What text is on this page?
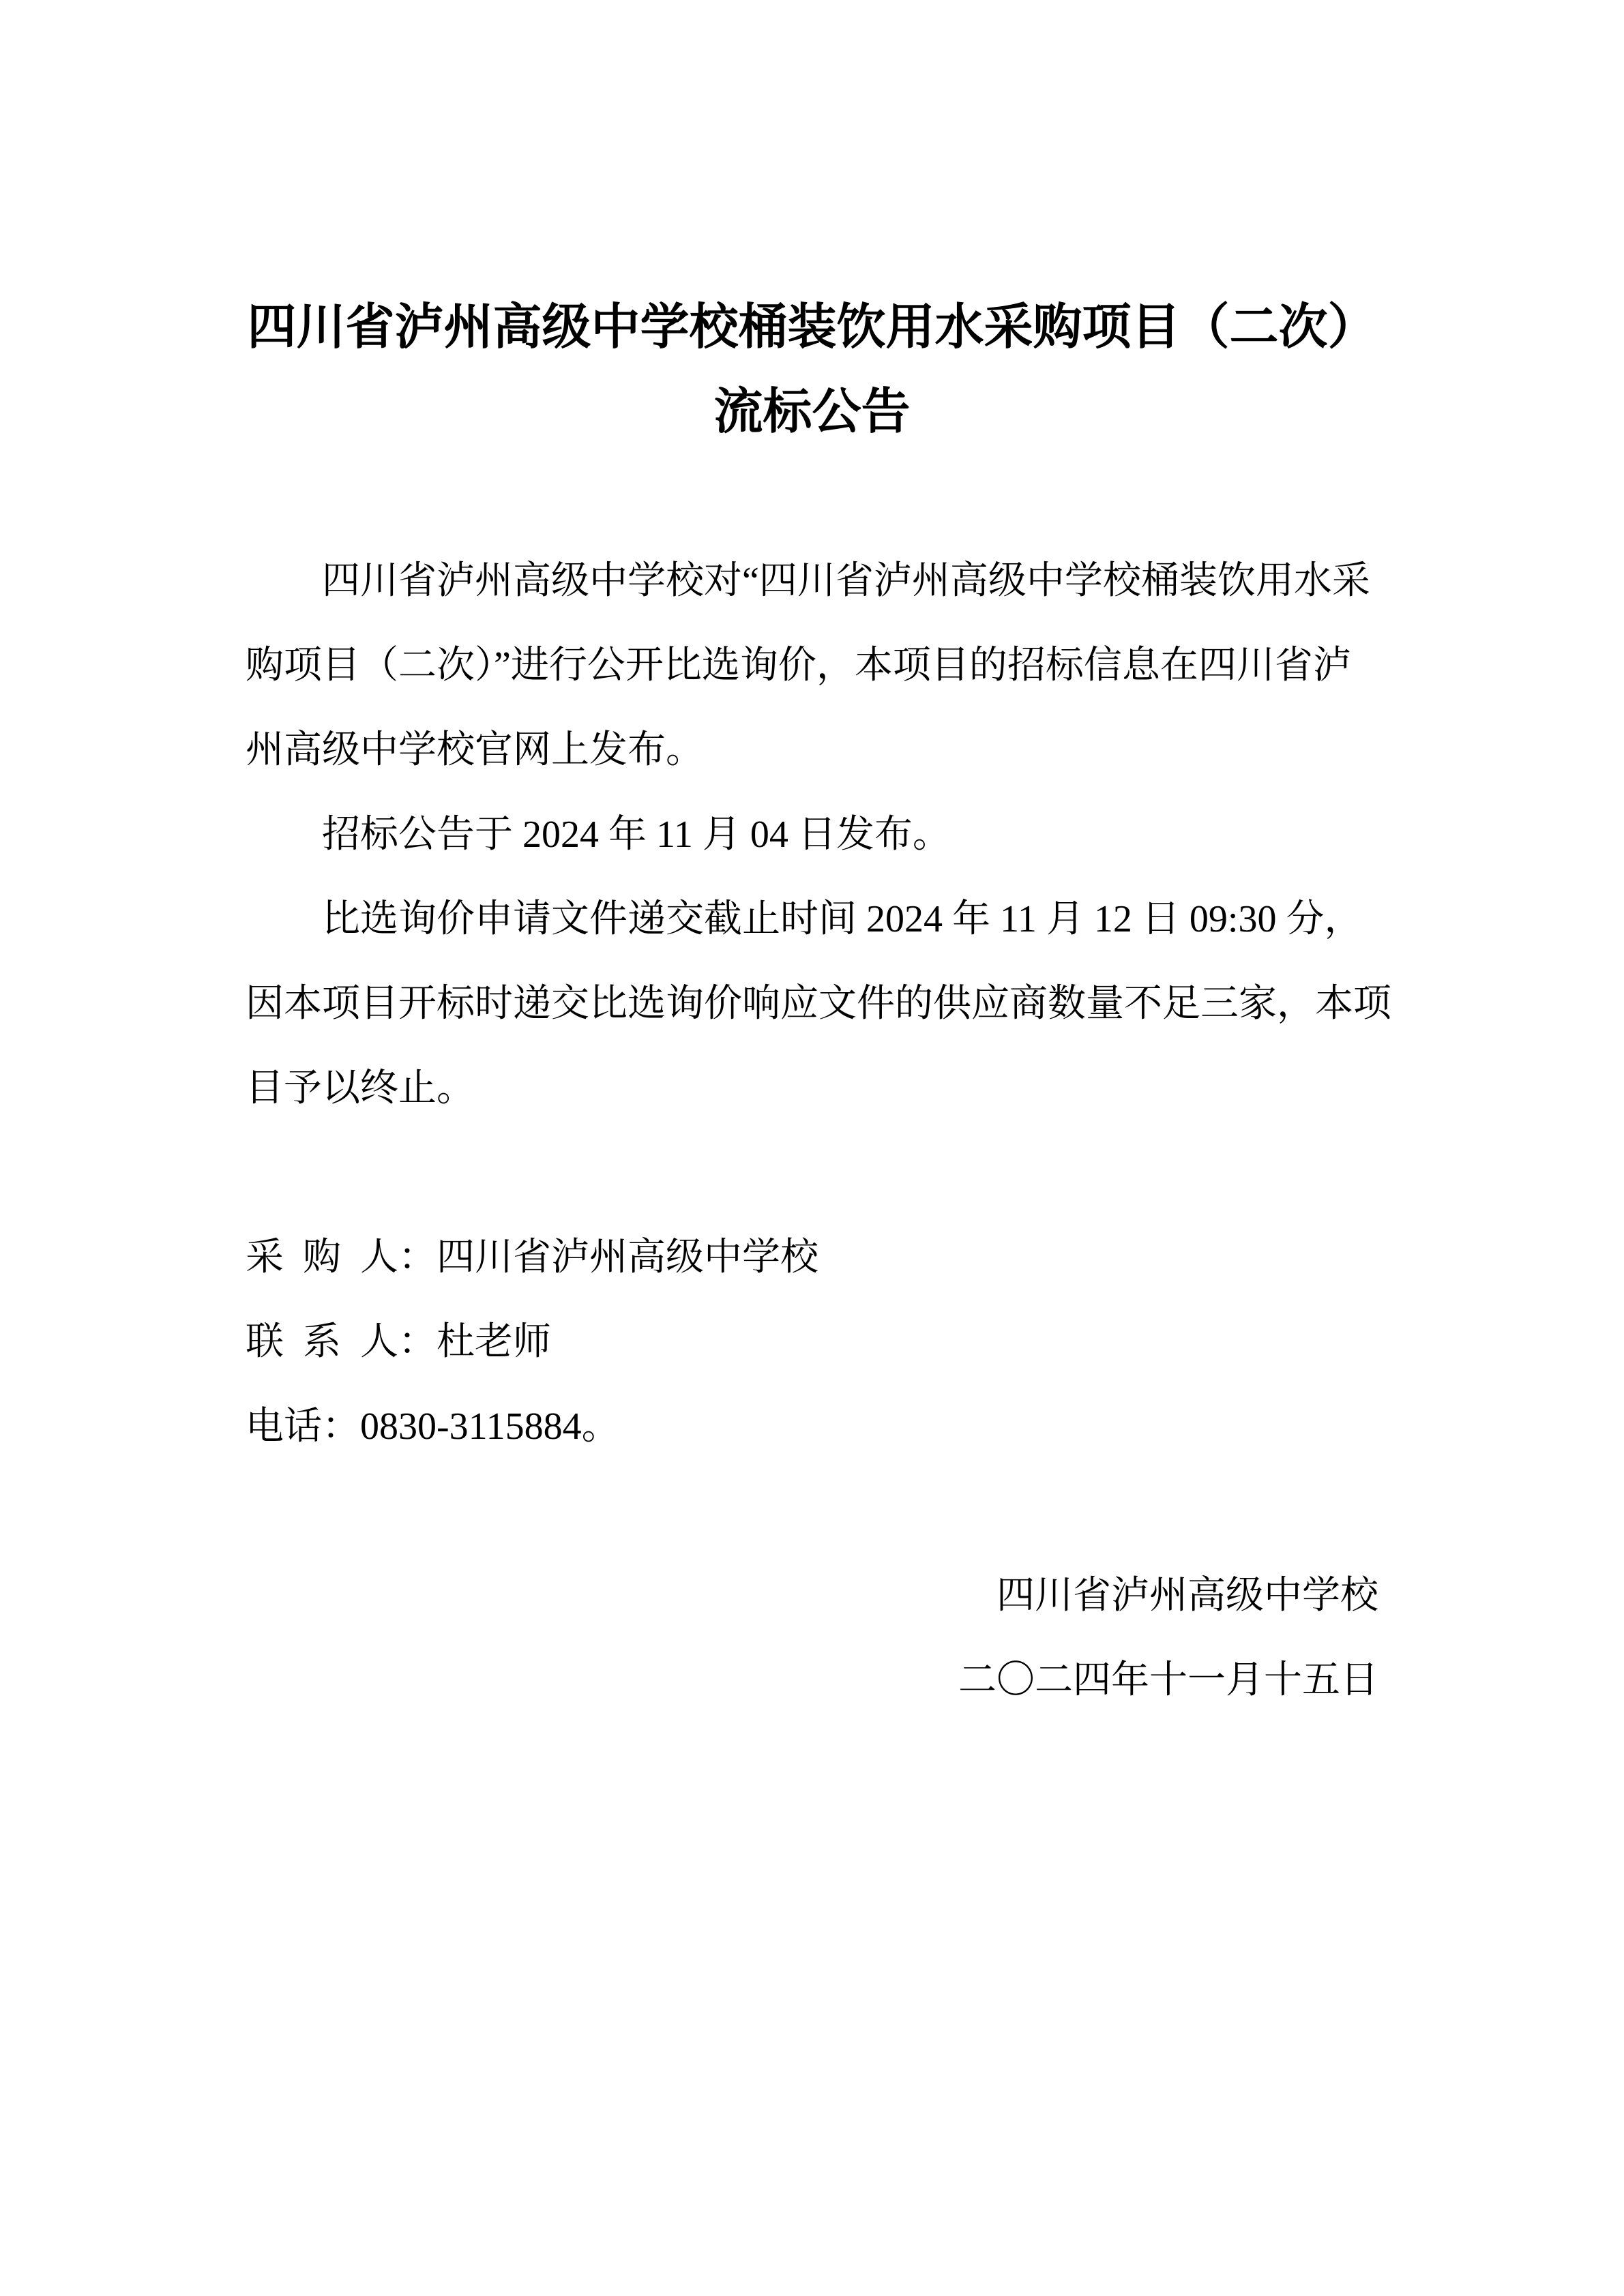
四川省泸州高级中学校桶装饮用水采购项目（二次）
流标公告
四川省泸州高级中学校对“四川省泸州高级中学校桶装饮用水采
购项目（二次）”进行公开比选询价，本项目的招标信息在四川省泸
州高级中学校官网上发布。
招标公告于 2024 年 11 月 04 日发布。
比选询价申请文件递交截止时间 2024 年 11 月 12 日 09:30 分，
因本项目开标时递交比选询价响应文件的供应商数量不足三家，本项
目予以终止。
采  购  人：四川省泸州高级中学校
联  系  人：杜老师
电话：0830-3115884。
四川省泸州高级中学校
二〇二四年十一月十五日
